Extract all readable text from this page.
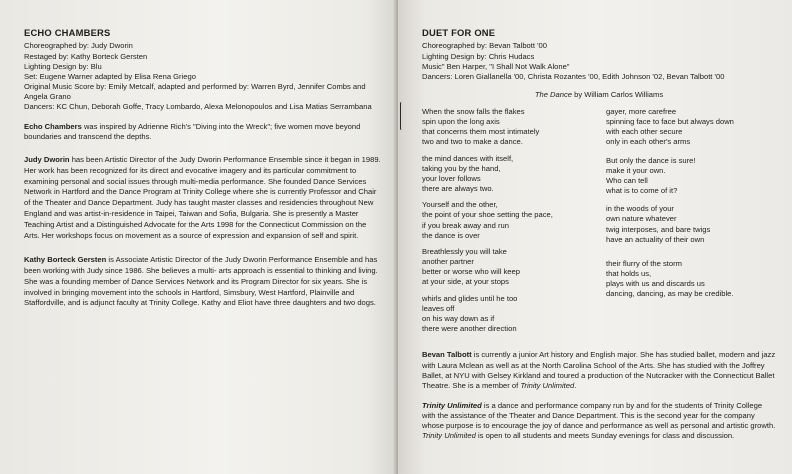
ECHO CHAMBERS
Choreographed by: Judy Dworin
Restaged by: Kathy Borteck Gersten
Lighting Design by: Blu
Set: Eugene Warner adapted by Elisa Rena Griego
Original Music Score by: Emily Metcalf, adapted and performed by: Warren Byrd, Jennifer Combs and Angela Grano
Dancers: KC Chun, Deborah Goffe, Tracy Lombardo, Alexa Melonopoulos and Lisa Matias Serrambana

Echo Chambers was inspired by Adrienne Rich's "Diving into the Wreck"; five women move beyond boundaries and transcend the depths.

Judy Dworin has been Artistic Director of the Judy Dworin Performance Ensemble since it began in 1989. Her work has been recognized for its direct and evocative imagery and its particular commitment to examining personal and social issues through multi-media performance. She founded Dance Services Network in Hartford and the Dance Program at Trinity College where she is currently Professor and Chair of the Theater and Dance Department. Judy has taught master classes and residencies throughout New England and was artist-in-residence in Taipei, Taiwan and Sofia, Bulgaria. She is presently a Master Teaching Artist and a Distinguished Advocate for the Arts 1998 for the Connecticut Commission on the Arts. Her workshops focus on movement as a source of expression and expansion of self and spirit.

Kathy Borteck Gersten is Associate Artistic Director of the Judy Dworin Performance Ensemble and has been working with Judy since 1986. She believes a multi- arts approach is essential to thinking and living. She was a founding member of Dance Services Network and its Program Director for six years. She is involved in bringing movement into the schools in Hartford, Simsbury, West Hartford, Plainville and Staffordville, and is adjunct faculty at Trinity College. Kathy and Eliot have three daughters and two dogs.

DUET FOR ONE
Choreographed by: Bevan Talbott '00
Lighting Design by: Chris Hudacs
Music" Ben Harper, "I Shall Not Walk Alone"
Dancers: Loren Giallanella '00, Christa Rozantes '00, Edith Johnson '02, Bevan Talbott '00
The Dance by William Carlos Williams
When the snow falls the flakes
spin upon the long axis
that concerns them most intimately
two and two to make a dance.
the mind dances with itself,
taking you by the hand,
your lover follows
there are always two.
Yourself and the other,
the point of your shoe setting the pace,
if you break away and run
the dance is over
Breathlessly you will take
another partner
better or worse who will keep
at your side, at your stops
whirls and glides until he too
leaves off
on his way down as if
there were another direction
gayer, more carefree
spinning face to face but always down
with each other secure
only in each other's arms
But only the dance is sure!
make it your own.
Who can tell
what is to come of it?
in the woods of your
own nature whatever
twig interposes, and bare twigs
have an actuality of their own
their flurry of the storm
that holds us,
plays with us and discards us
dancing, dancing, as may be credible.

Bevan Talbott is currently a junior Art history and English major. She has studied ballet, modern and jazz with Laura Mclean as well as at the North Carolina School of the Arts. She has studied with the Joffrey Ballet, at NYU with Gelsey Kirkland and toured a production of the Nutcracker with the Connecticut Ballet Theatre. She is a member of Trinity Unlimited.

Trinity Unlimited is a dance and performance company run by and for the students of Trinity College with the assistance of the Theater and Dance Department. This is the second year for the company whose purpose is to encourage the joy of dance and performance as well as personal and artistic growth. Trinity Unlimited is open to all students and meets Sunday evenings for class and discussion.
